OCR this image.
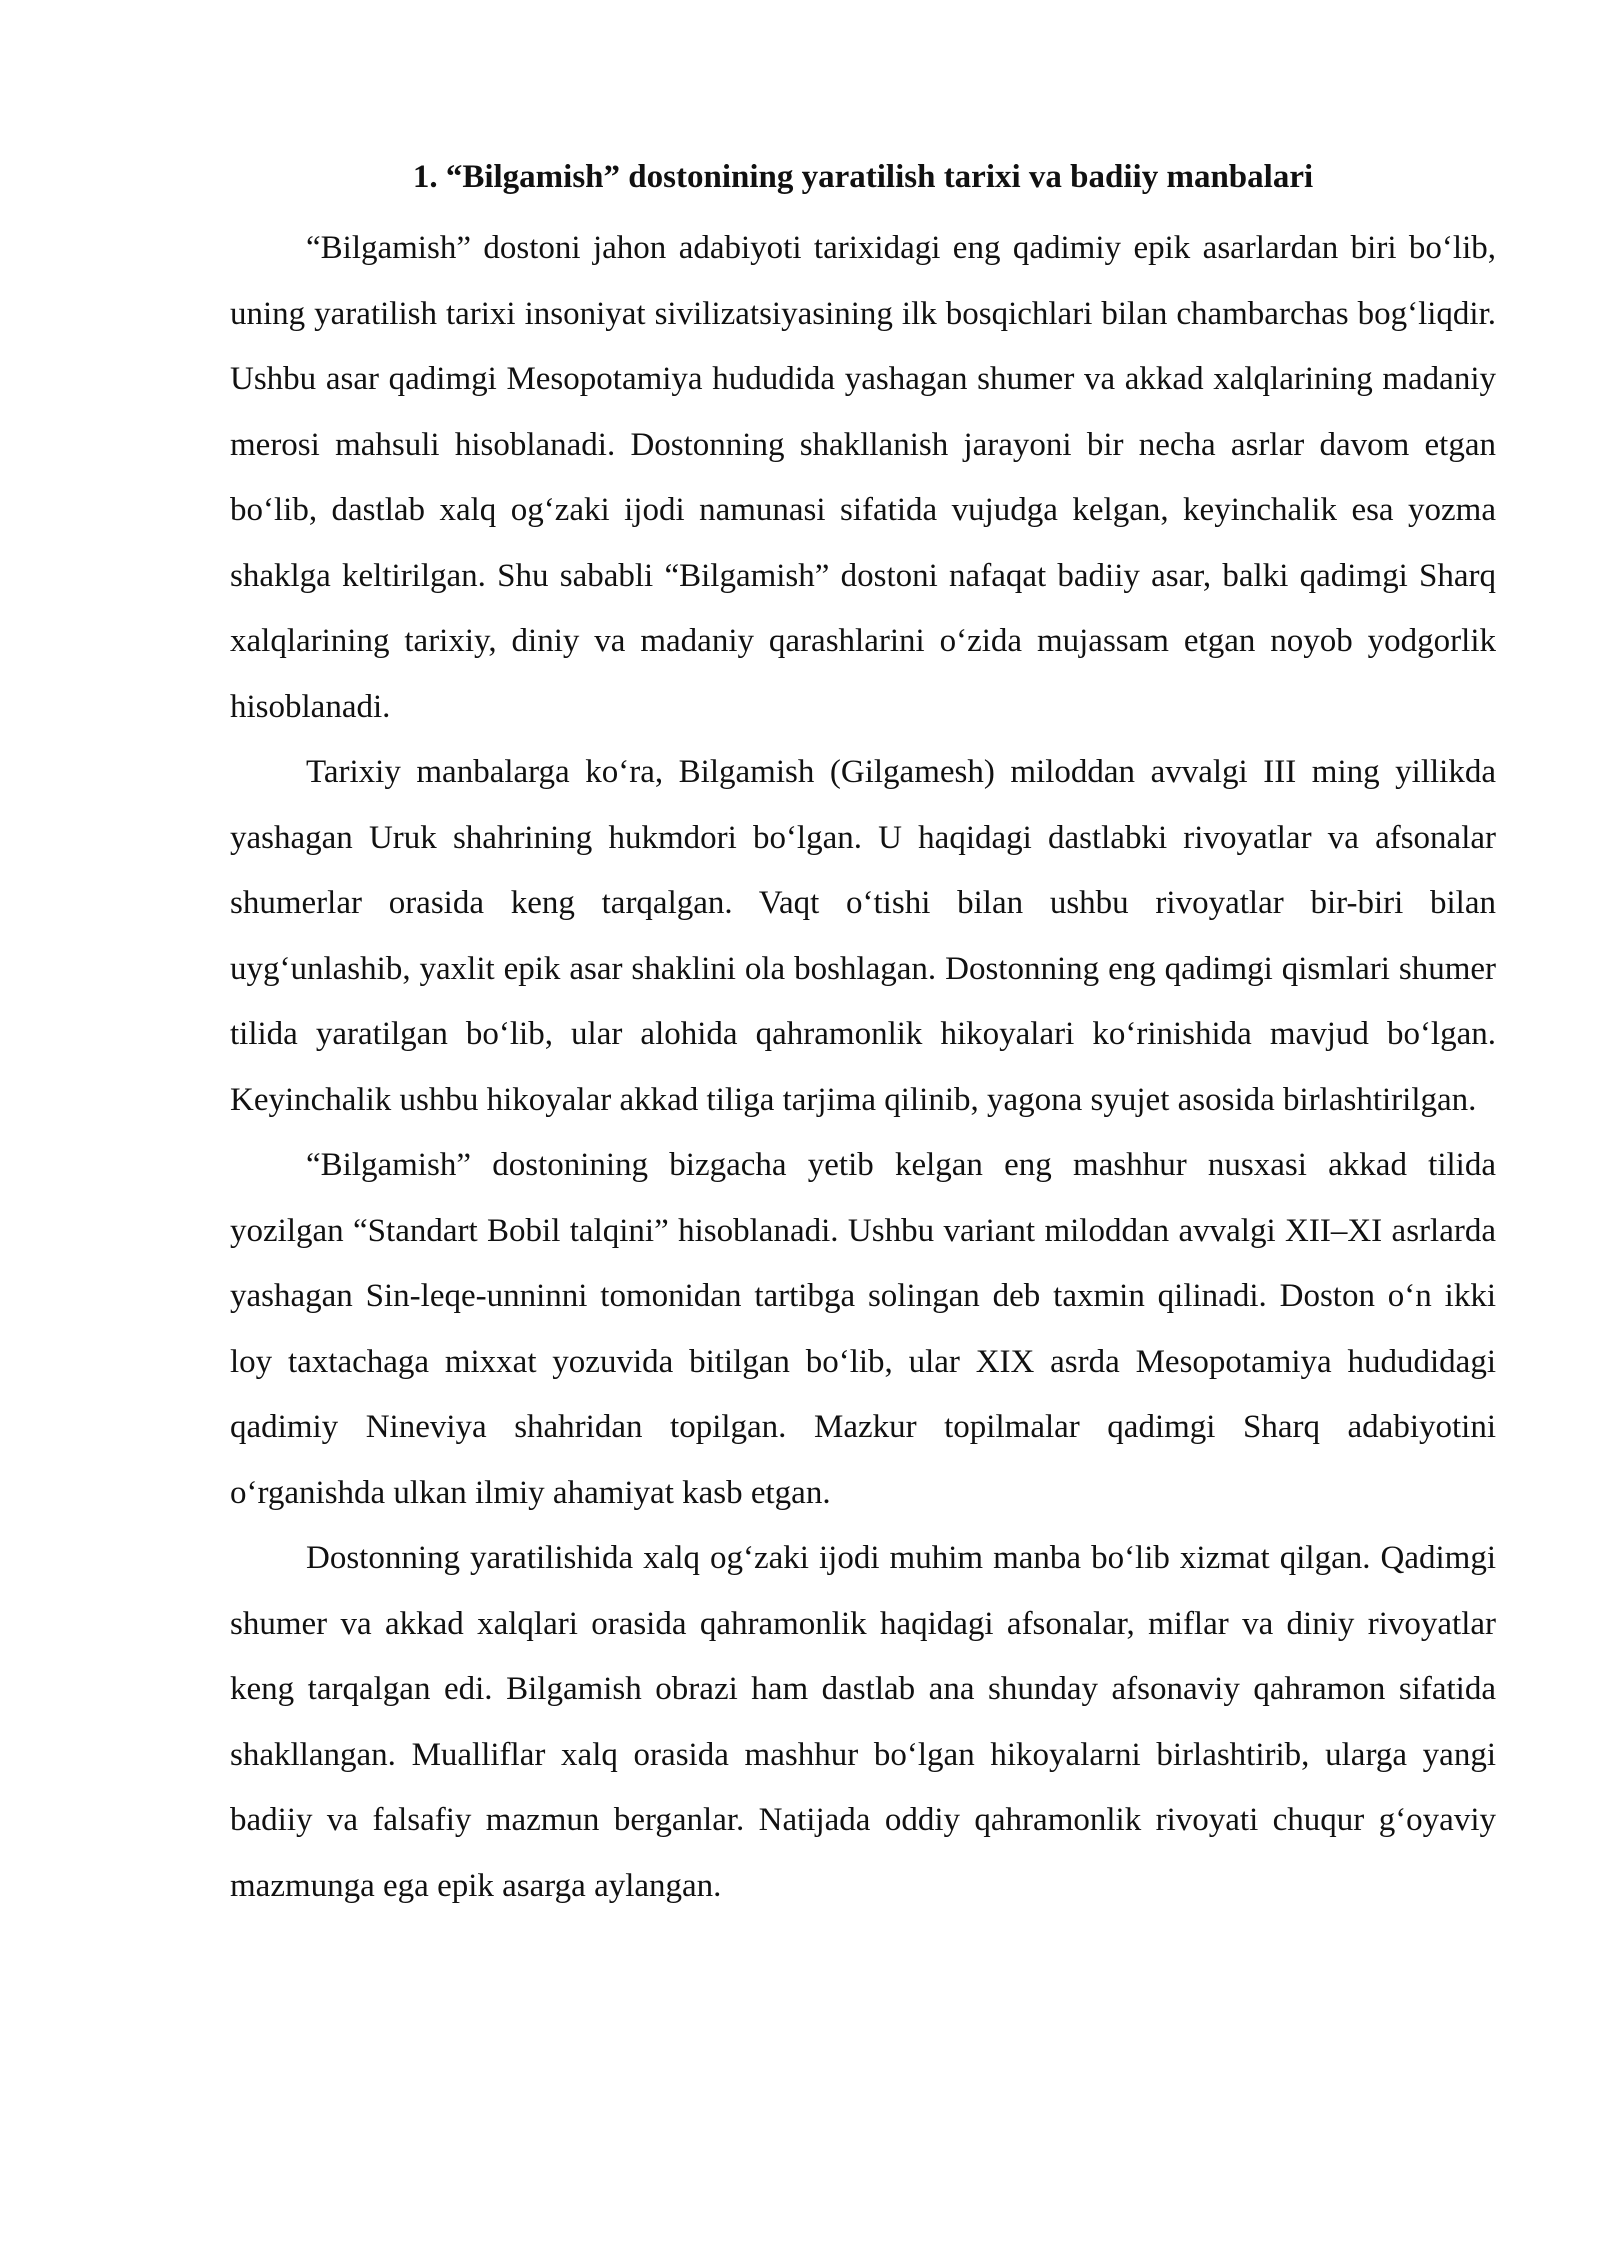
1. “Bilgamish” dostonining yaratilish tarixi va badiiy manbalari

“Bilgamish” dostoni jahon adabiyoti tarixidagi eng qadimiy epik asarlardan biri bo‘lib, uning yaratilish tarixi insoniyat sivilizatsiyasining ilk bosqichlari bilan chambarchas bog‘liqdir. Ushbu asar qadimgi Mesopotamiya hududida yashagan shumer va akkad xalqlarining madaniy merosi mahsuli hisoblanadi. Dostonning shakllanish jarayoni bir necha asrlar davom etgan bo‘lib, dastlab xalq og‘zaki ijodi namunasi sifatida vujudga kelgan, keyinchalik esa yozma shaklga keltirilgan. Shu sababli “Bilgamish” dostoni nafaqat badiiy asar, balki qadimgi Sharq xalqlarining tarixiy, diniy va madaniy qarashlarini o‘zida mujassam etgan noyob yodgorlik hisoblanadi.

Tarixiy manbalarga ko‘ra, Bilgamish (Gilgamesh) miloddan avvalgi III ming yillikda yashagan Uruk shahrining hukmdori bo‘lgan. U haqidagi dastlabki rivoyatlar va afsonalar shumerlar orasida keng tarqalgan. Vaqt o‘tishi bilan ushbu rivoyatlar bir-biri bilan uyg‘unlashib, yaxlit epik asar shaklini ola boshlagan. Dostonning eng qadimgi qismlari shumer tilida yaratilgan bo‘lib, ular alohida qahramonlik hikoyalari ko‘rinishida mavjud bo‘lgan. Keyinchalik ushbu hikoyalar akkad tiliga tarjima qilinib, yagona syujet asosida birlashtirilgan.

“Bilgamish” dostonining bizgacha yetib kelgan eng mashhur nusxasi akkad tilida yozilgan “Standart Bobil talqini” hisoblanadi. Ushbu variant miloddan avvalgi XII–XI asrlarda yashagan Sin-leqe-unninni tomonidan tartibga solingan deb taxmin qilinadi. Doston o‘n ikki loy taxtachaga mixxat yozuvida bitilgan bo‘lib, ular XIX asrda Mesopotamiya hududidagi qadimiy Nineviya shahridan topilgan. Mazkur topilmalar qadimgi Sharq adabiyotini o‘rganishda ulkan ilmiy ahamiyat kasb etgan.

Dostonning yaratilishida xalq og‘zaki ijodi muhim manba bo‘lib xizmat qilgan. Qadimgi shumer va akkad xalqlari orasida qahramonlik haqidagi afsonalar, miflar va diniy rivoyatlar keng tarqalgan edi. Bilgamish obrazi ham dastlab ana shunday afsonaviy qahramon sifatida shakllangan. Mualliflar xalq orasida mashhur bo‘lgan hikoyalarni birlashtirib, ularga yangi badiiy va falsafiy mazmun berganlar. Natijada oddiy qahramonlik rivoyati chuqur g‘oyaviy mazmunga ega epik asarga aylangan.
